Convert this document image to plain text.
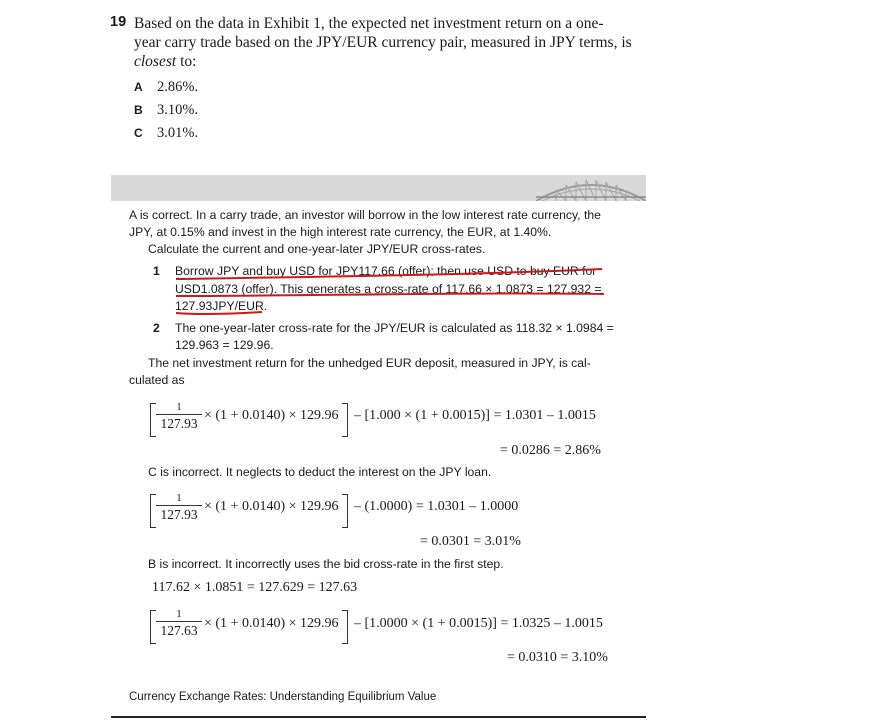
19 Based on the data in Exhibit 1, the expected net investment return on a one-
year carry trade based on the JPY/EUR currency pair, measured in JPY terms, is
closest to:
A 2.86%.
B 3.10%.
C 3.01%.
A is correct. In a carry trade, an investor will borrow in the low interest rate currency, the
JPY, at 0.15% and invest in the high interest rate currency, the EUR, at 1.40%.
Calculate the current and one-year-later JPY/EUR cross-rates.
1 Borrow JPY and buy USD for JPY117.66 (offer); then use USD to buy EUR for
USD1.0873 (offer). This generates a cross-rate of 117.66 × 1.0873 = 127.932 =
127.93JPY/EUR.
2 The one-year-later cross-rate for the JPY/EUR is calculated as 118.32 × 1.0984 =
129.963 = 129.96.
The net investment return for the unhedged EUR deposit, measured in JPY, is cal-
culated as
C is incorrect. It neglects to deduct the interest on the JPY loan.
B is incorrect. It incorrectly uses the bid cross-rate in the first step.
1
127.93
× (1 + 0.0140) × 129.96 – [1.000 × (1 + 0.0015)] = 1.0301 – 1.0015
= 0.0286 = 2.86%
1
127.93
× (1 + 0.0140) × 129.96 – (1.0000) = 1.0301 – 1.0000
= 0.0301 = 3.01%
117.62 × 1.0851 = 127.629 = 127.63
1
127.63 × (1 + 0.0140) × 129.96 – [1.0000 × (1 + 0.0015)] = 1.0325 – 1.0015
= 0.0310 = 3.10%
Currency Exchange Rates: Understanding Equilibrium Value
